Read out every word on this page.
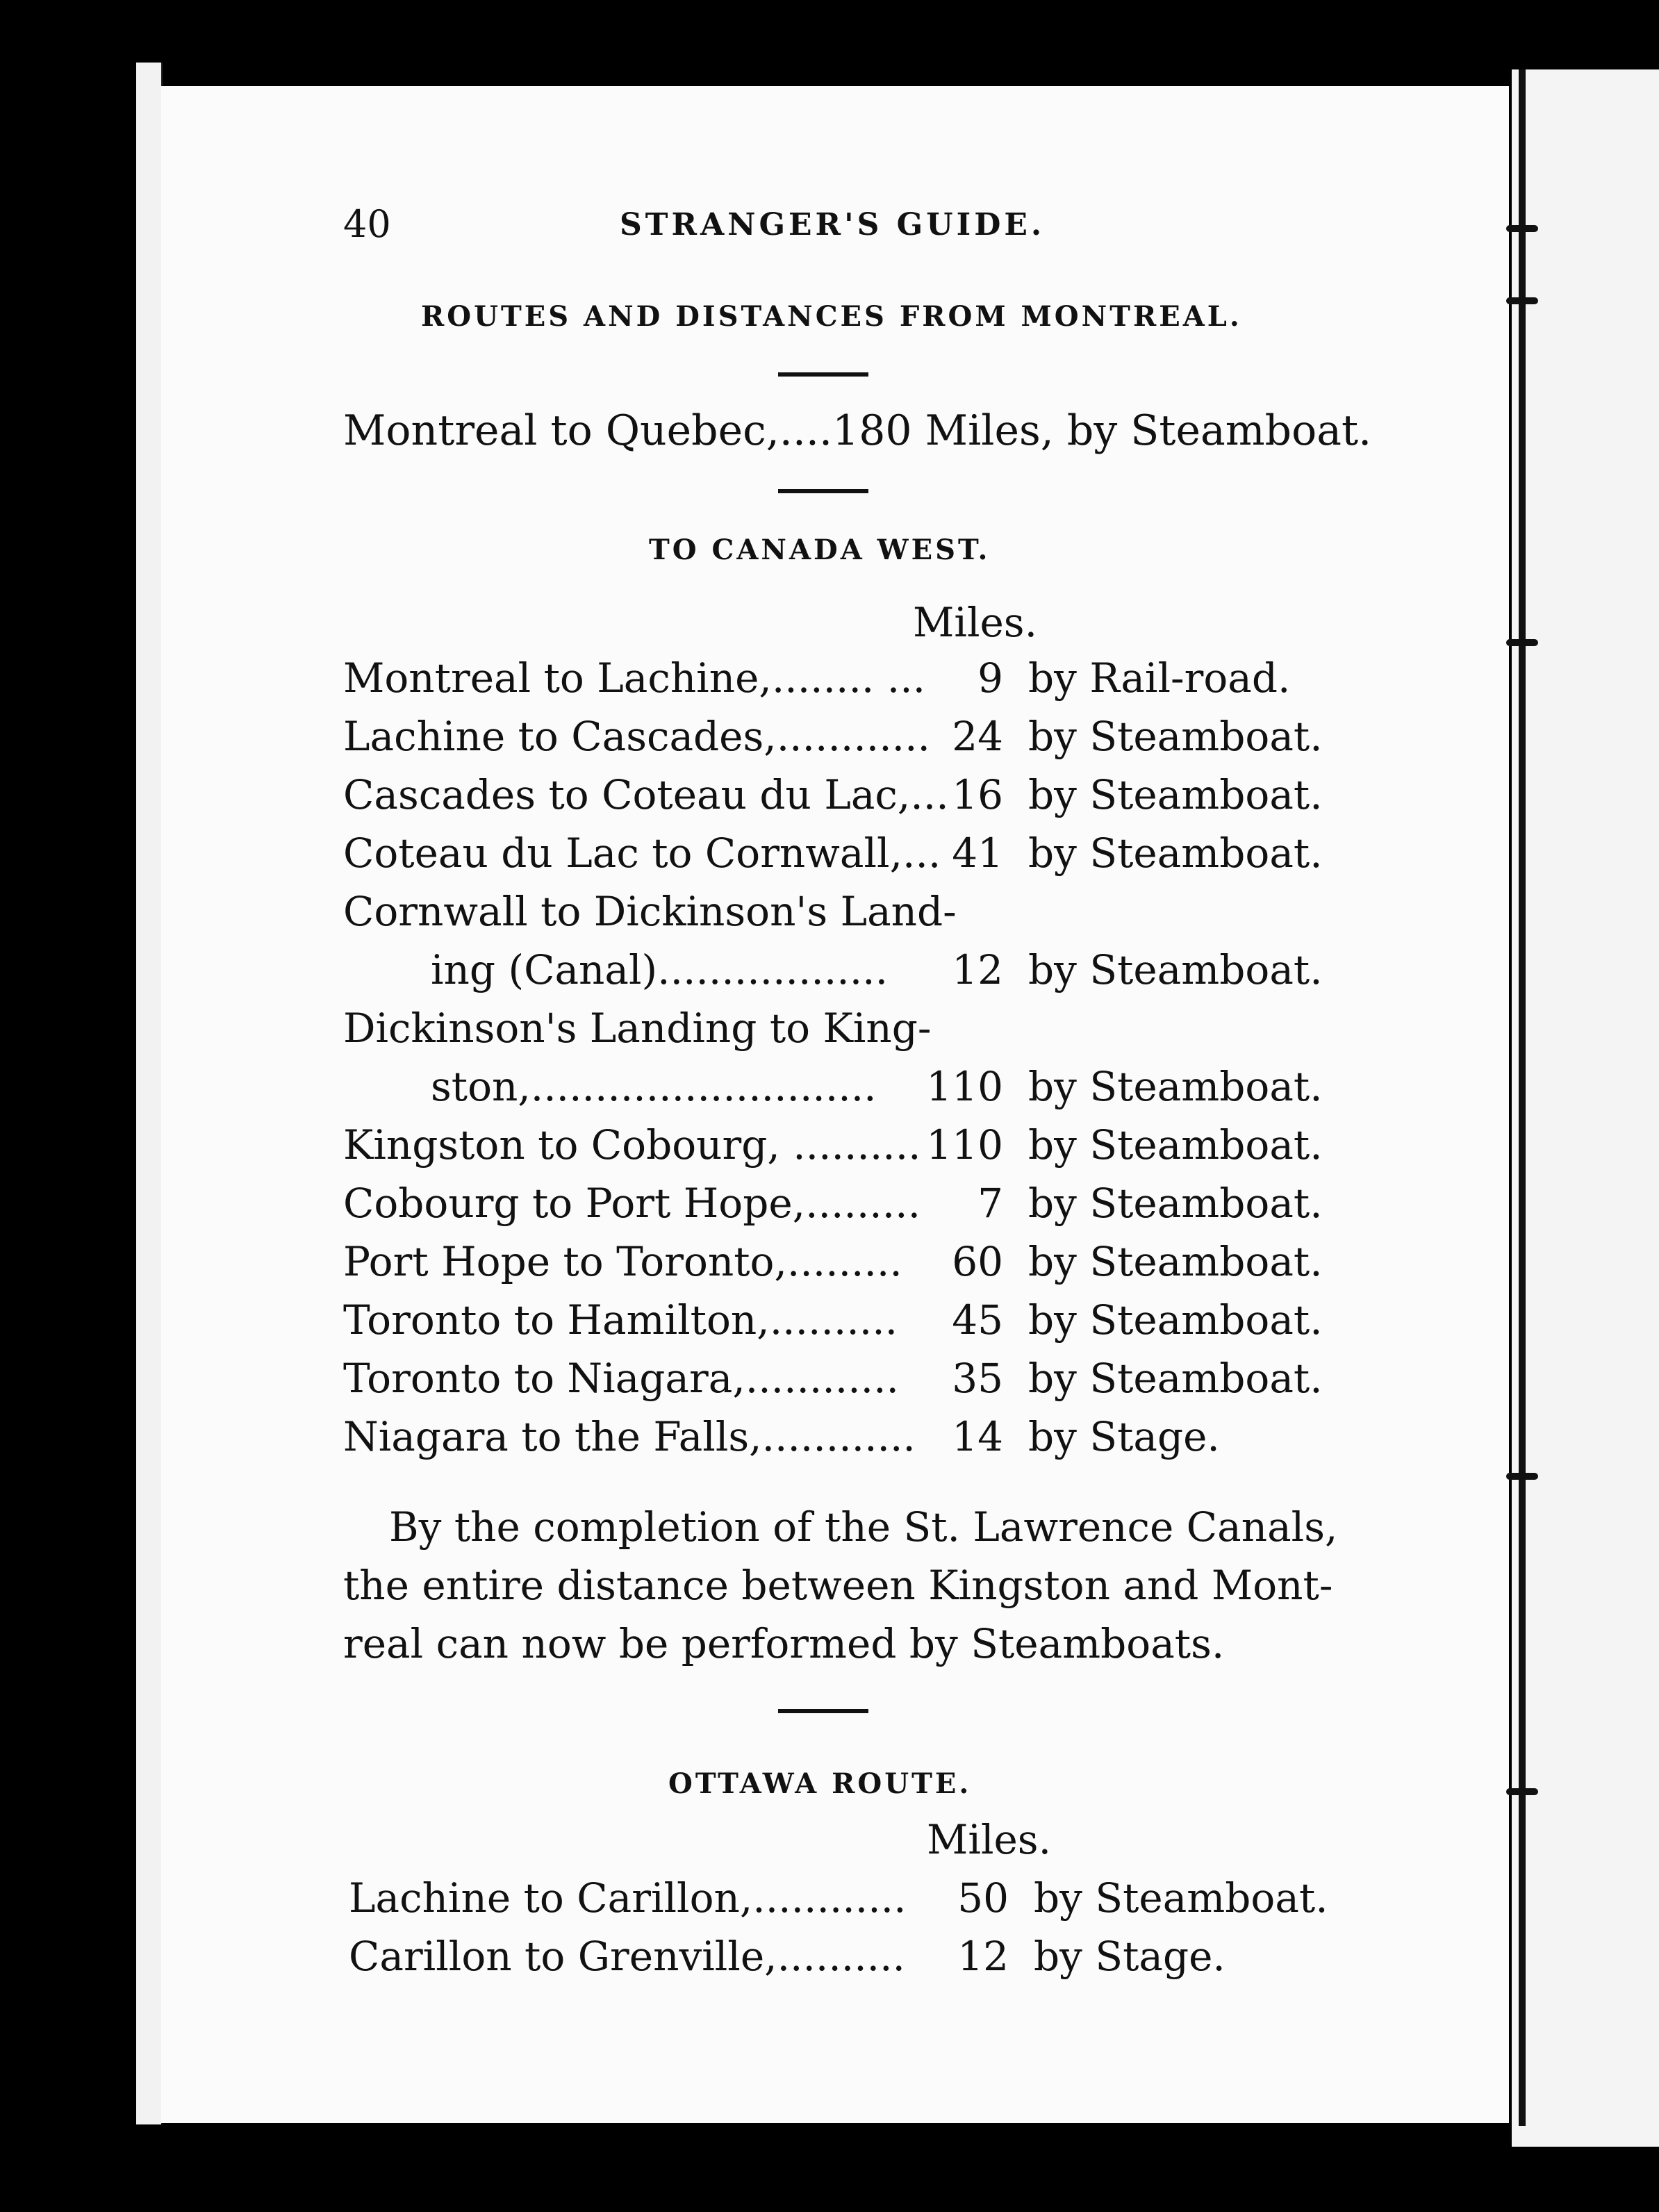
40	STRANGER'S GUIDE.
ROUTES AND DISTANCES FROM MONTREAL.
Montreal to Quebec,....180 Miles, by Steamboat.
TO CANADA WEST.
Miles.
Montreal to Lachine,........ ... 9 by Rail-road.
Lachine to Cascades,............ 24 by Steamboat.
Cascades to Coteau du Lac,... 16 by Steamboat.
Coteau du Lac to Cornwall,... 41 by Steamboat.
Cornwall to Dickinson's Land-
ing (Canal).................. 12 by Steamboat.
Dickinson's Landing to King-
ston,........................... 110 by Steamboat.
Kingston to Cobourg, .......... 110 by Steamboat.
Cobourg to Port Hope,......... 7 by Steamboat.
Port Hope to Toronto,......... 60 by Steamboat.
Toronto to Hamilton,.......... 45 by Steamboat.
Toronto to Niagara,............ 35 by Steamboat.
Niagara to the Falls,............ 14 by Stage.
By the completion of the St. Lawrence Canals,
the entire distance between Kingston and Mont-
real can now be performed by Steamboats.
OTTAWA ROUTE.
Miles.
Lachine to Carillon,............ 50 by Steamboat.
Carillon to Grenville,.......... 12 by Stage.
